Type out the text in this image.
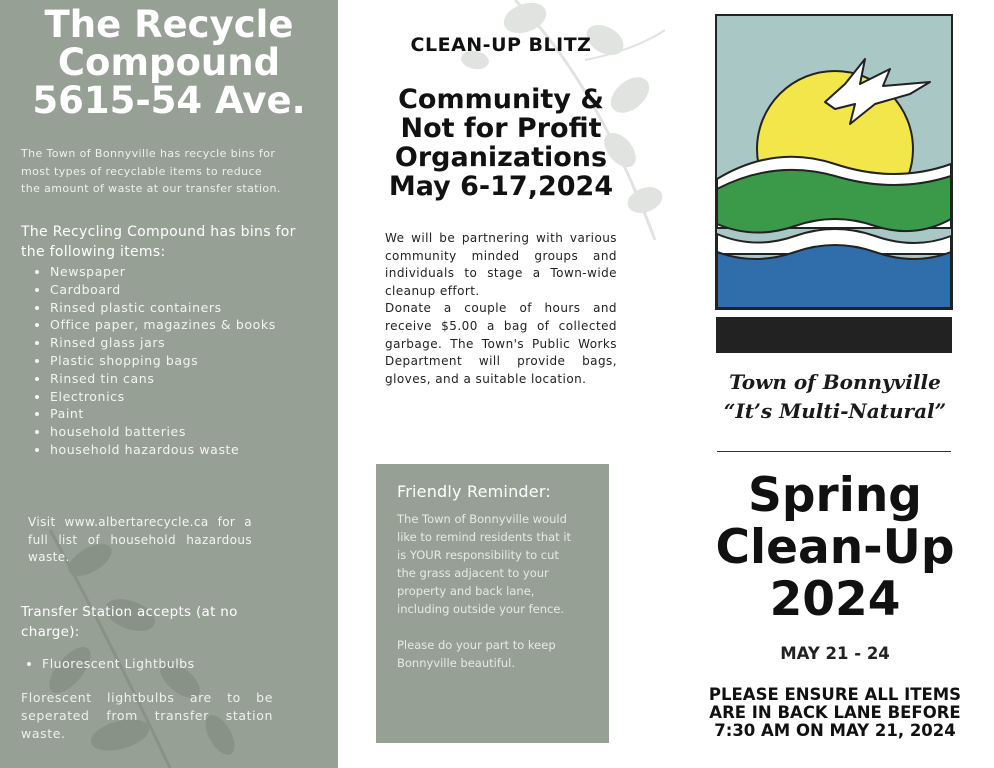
The Recycle
Compound
5615-54 Ave.
The Town of Bonnyville has recycle bins for most types of recyclable items to reduce the amount of waste at our transfer station.
The Recycling Compound has bins for the following items:
• Newspaper
• Cardboard
• Rinsed plastic containers
• Office paper, magazines & books
• Rinsed glass jars
• Plastic shopping bags
• Rinsed tin cans
• Electronics
• Paint
• household batteries
• household hazardous waste
Visit www.albertarecycle.ca for a full list of household hazardous waste.
Transfer Station accepts (at no charge):
• Fluorescent Lightbulbs
Florescent lightbulbs are to be seperated from transfer station waste.
CLEAN-UP BLITZ
Community &
Not for Profit
Organizations
May 6-17,2024

We will be partnering with various community minded groups and individuals to stage a Town-wide cleanup effort.

Donate a couple of hours and receive $5.00 a bag of collected garbage. The Town's Public Works Department will provide bags, gloves, and a suitable location.

Friendly Reminder:

The Town of Bonnyville would like to remind residents that it is YOUR responsibility to cut the grass adjacent to your property and back lane, including outside your fence.

Please do your part to keep Bonnyville beautiful.

Town of Bonnyville
“It’s Multi-Natural”
Spring
Clean-Up
2024
MAY 21 - 24
PLEASE ENSURE ALL ITEMS
ARE IN BACK LANE BEFORE
7:30 AM ON MAY 21, 2024
